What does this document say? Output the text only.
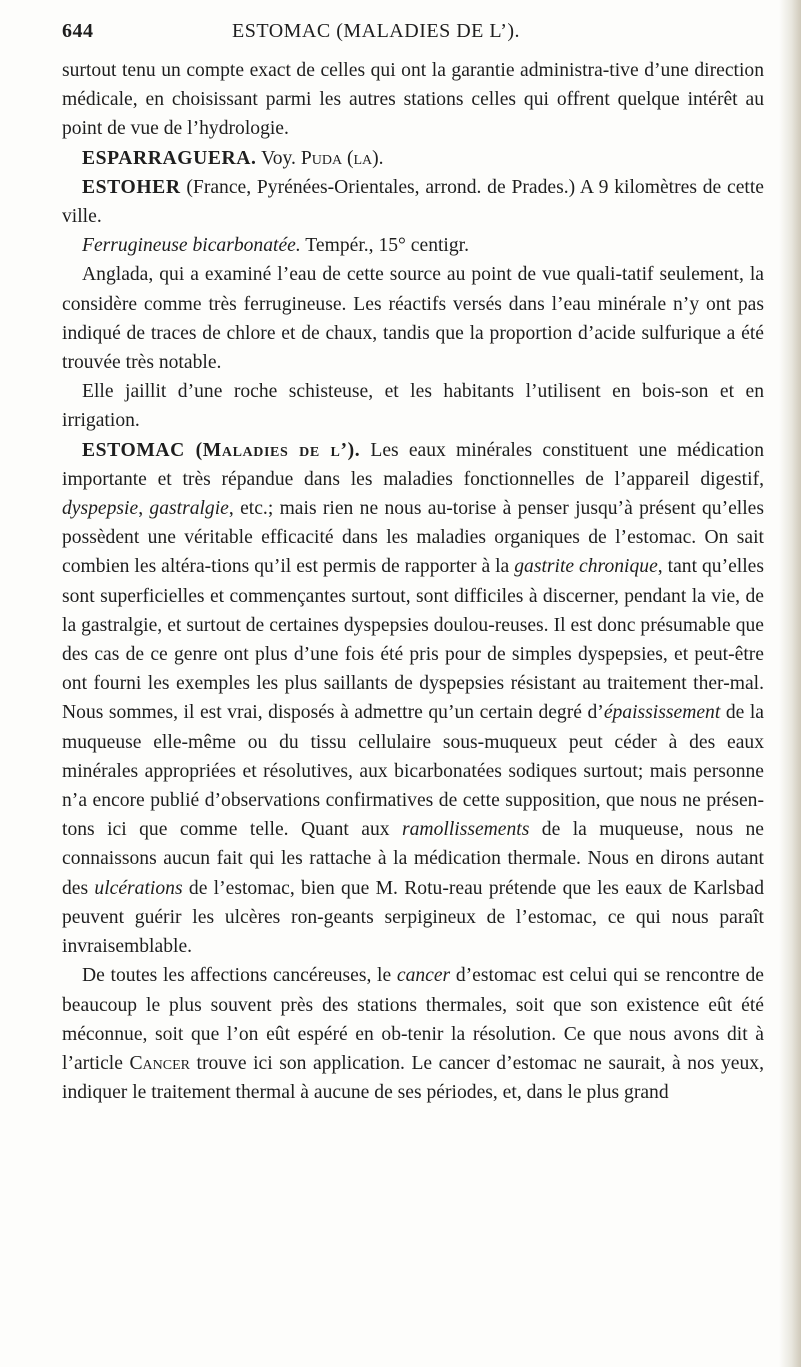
644	ESTOMAC (MALADIES DE L’).

surtout tenu un compte exact de celles qui ont la garantie administra-tive d’une direction médicale, en choisissant parmi les autres stations celles qui offrent quelque intérêt au point de vue de l’hydrologie.

ESPARRAGUERA. Voy. Puda (la).

ESTOHER (France, Pyrénées-Orientales, arrond. de Prades.) A 9 kilomètres de cette ville.

Ferrugineuse bicarbonatée. Tempér., 15° centigr.

Anglada, qui a examiné l’eau de cette source au point de vue quali-tatif seulement, la considère comme très ferrugineuse. Les réactifs versés dans l’eau minérale n’y ont pas indiqué de traces de chlore et de chaux, tandis que la proportion d’acide sulfurique a été trouvée très notable.

Elle jaillit d’une roche schisteuse, et les habitants l’utilisent en bois-son et en irrigation.

ESTOMAC (Maladies de l’). Les eaux minérales constituent une médication importante et très répandue dans les maladies fonctionnelles de l’appareil digestif, dyspepsie, gastralgie, etc.; mais rien ne nous au-torise à penser jusqu’à présent qu’elles possèdent une véritable efficacité dans les maladies organiques de l’estomac. On sait combien les altéra-tions qu’il est permis de rapporter à la gastrite chronique, tant qu’elles sont superficielles et commençantes surtout, sont difficiles à discerner, pendant la vie, de la gastralgie, et surtout de certaines dyspepsies doulou-reuses. Il est donc présumable que des cas de ce genre ont plus d’une fois été pris pour de simples dyspepsies, et peut-être ont fourni les exemples les plus saillants de dyspepsies résistant au traitement ther-mal. Nous sommes, il est vrai, disposés à admettre qu’un certain degré d’épaississement de la muqueuse elle-même ou du tissu cellulaire sous-muqueux peut céder à des eaux minérales appropriées et résolutives, aux bicarbonatées sodiques surtout; mais personne n’a encore publié d’observations confirmatives de cette supposition, que nous ne présen-tons ici que comme telle. Quant aux ramollissements de la muqueuse, nous ne connaissons aucun fait qui les rattache à la médication thermale. Nous en dirons autant des ulcérations de l’estomac, bien que M. Rotu-reau prétende que les eaux de Karlsbad peuvent guérir les ulcères ron-geants serpigineux de l’estomac, ce qui nous paraît invraisemblable.

De toutes les affections cancéreuses, le cancer d’estomac est celui qui se rencontre de beaucoup le plus souvent près des stations thermales, soit que son existence eût été méconnue, soit que l’on eût espéré en ob-tenir la résolution. Ce que nous avons dit à l’article Cancer trouve ici son application. Le cancer d’estomac ne saurait, à nos yeux, indiquer le traitement thermal à aucune de ses périodes, et, dans le plus grand
